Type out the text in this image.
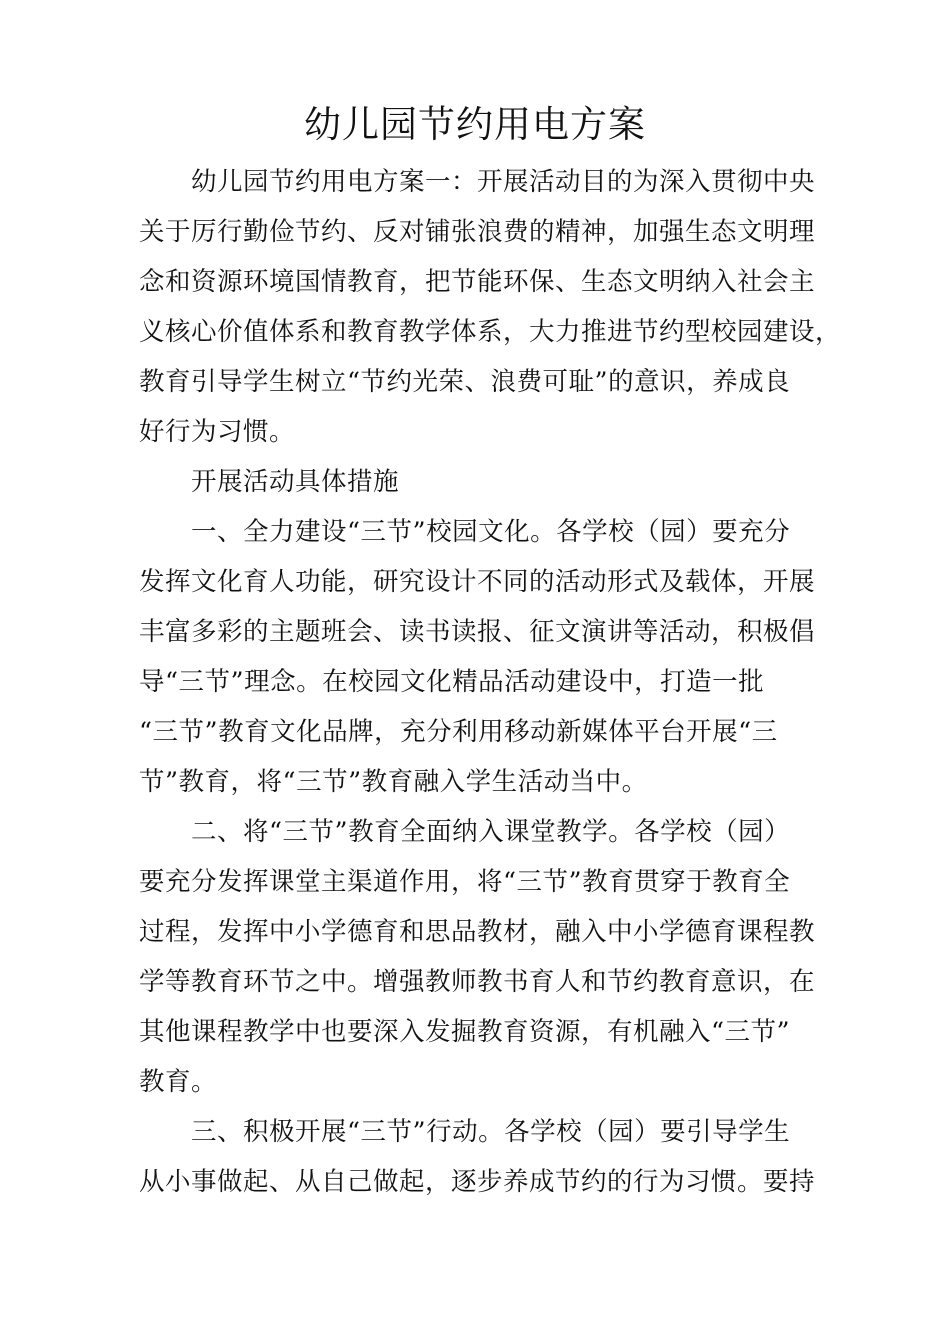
幼儿园节约用电方案
幼儿园节约用电方案一：开展活动目的为深入贯彻中央
关于厉行勤俭节约、反对铺张浪费的精神，加强生态文明理
念和资源环境国情教育，把节能环保、生态文明纳入社会主
义核心价值体系和教育教学体系，大力推进节约型校园建设，
教育引导学生树立“节约光荣、浪费可耻”的意识，养成良
好行为习惯。
开展活动具体措施
一、全力建设“三节”校园文化。各学校（园）要充分
发挥文化育人功能，研究设计不同的活动形式及载体，开展
丰富多彩的主题班会、读书读报、征文演讲等活动，积极倡
导“三节”理念。在校园文化精品活动建设中，打造一批
“三节”教育文化品牌，充分利用移动新媒体平台开展“三
节”教育，将“三节”教育融入学生活动当中。
二、将“三节”教育全面纳入课堂教学。各学校（园）
要充分发挥课堂主渠道作用，将“三节”教育贯穿于教育全
过程，发挥中小学德育和思品教材，融入中小学德育课程教
学等教育环节之中。增强教师教书育人和节约教育意识，在
其他课程教学中也要深入发掘教育资源，有机融入“三节”
教育。
三、积极开展“三节”行动。各学校（园）要引导学生
从小事做起、从自己做起，逐步养成节约的行为习惯。要持
